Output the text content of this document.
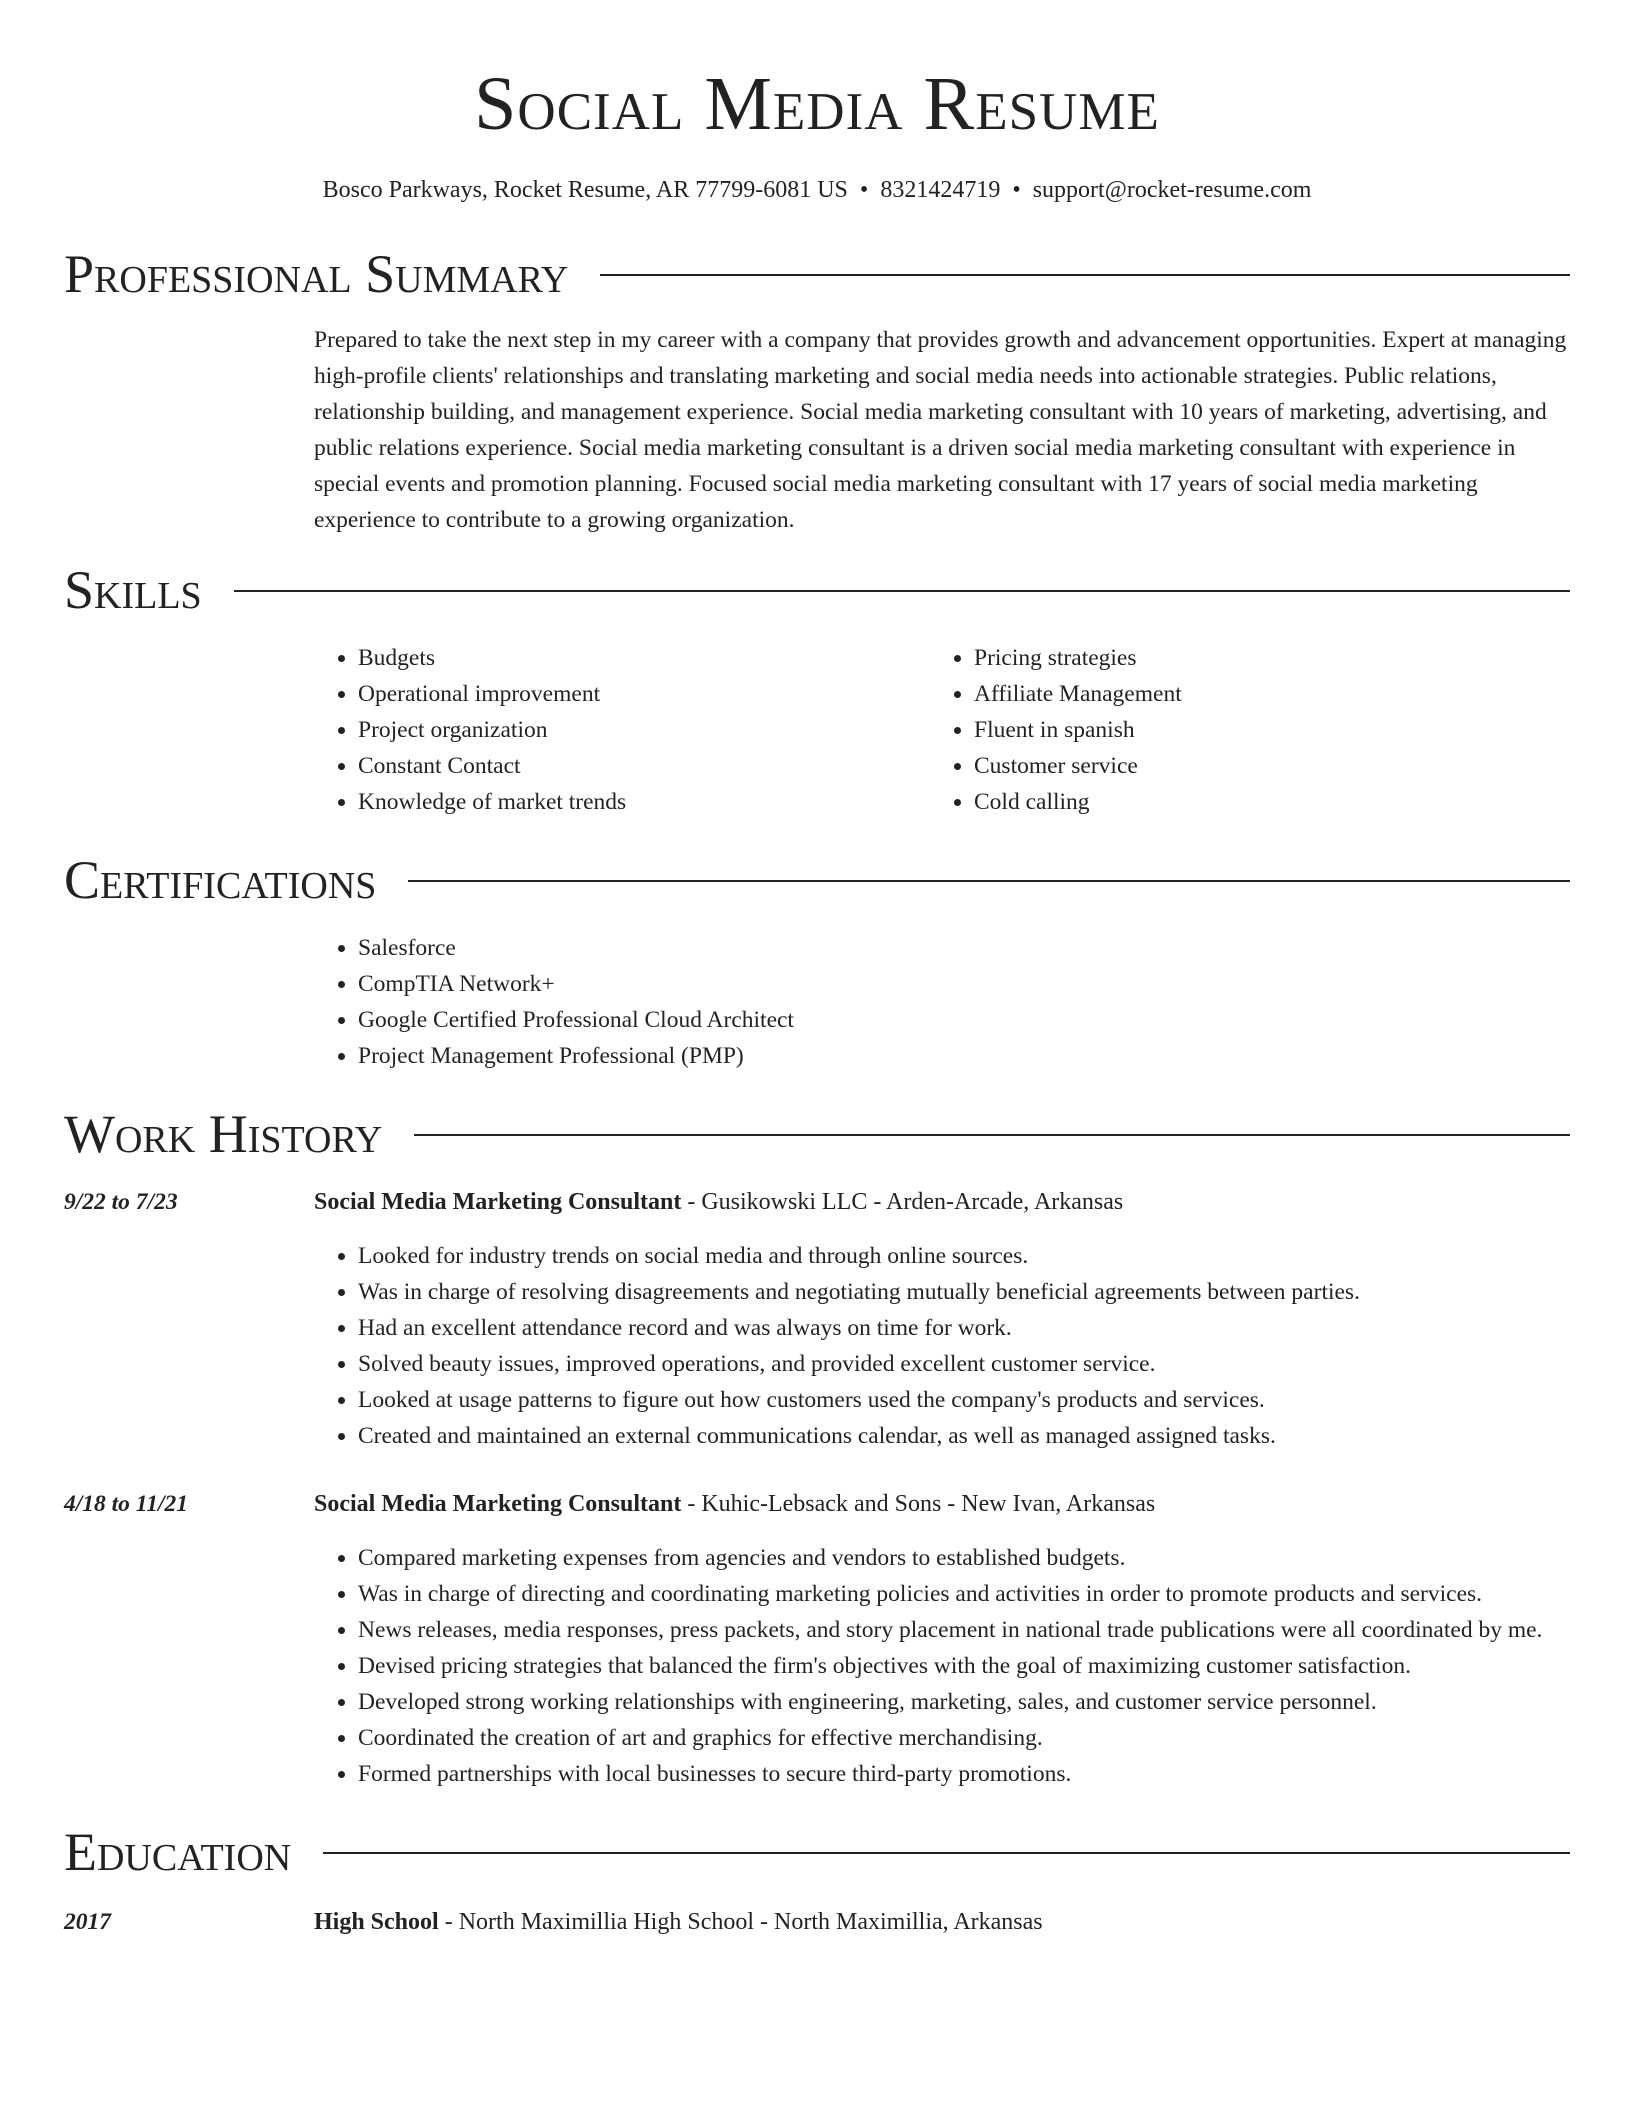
Social Media Resume
Bosco Parkways, Rocket Resume, AR 77799-6081 US • 8321424719 • support@rocket-resume.com
Professional Summary

Prepared to take the next step in my career with a company that provides growth and advancement opportunities. Expert at managing high-profile clients' relationships and translating marketing and social media needs into actionable strategies. Public relations, relationship building, and management experience. Social media marketing consultant with 10 years of marketing, advertising, and public relations experience. Social media marketing consultant is a driven social media marketing consultant with experience in special events and promotion planning. Focused social media marketing consultant with 17 years of social media marketing experience to contribute to a growing organization.

Skills
• Budgets
• Operational improvement
• Project organization
• Constant Contact
• Knowledge of market trends
• Pricing strategies
• Affiliate Management
• Fluent in spanish
• Customer service
• Cold calling
Certifications
• Salesforce
• CompTIA Network+
• Google Certified Professional Cloud Architect
• Project Management Professional (PMP)
Work History
9/22 to 7/23	Social Media Marketing Consultant - Gusikowski LLC - Arden-Arcade, Arkansas
• Looked for industry trends on social media and through online sources.
• Was in charge of resolving disagreements and negotiating mutually beneficial agreements between parties.
• Had an excellent attendance record and was always on time for work.
• Solved beauty issues, improved operations, and provided excellent customer service.
• Looked at usage patterns to figure out how customers used the company's products and services.
• Created and maintained an external communications calendar, as well as managed assigned tasks.
4/18 to 11/21	Social Media Marketing Consultant - Kuhic-Lebsack and Sons - New Ivan, Arkansas
• Compared marketing expenses from agencies and vendors to established budgets.
• Was in charge of directing and coordinating marketing policies and activities in order to promote products and services.
• News releases, media responses, press packets, and story placement in national trade publications were all coordinated by me.
• Devised pricing strategies that balanced the firm's objectives with the goal of maximizing customer satisfaction.
• Developed strong working relationships with engineering, marketing, sales, and customer service personnel.
• Coordinated the creation of art and graphics for effective merchandising.
• Formed partnerships with local businesses to secure third-party promotions.
Education
2017	High School - North Maximillia High School - North Maximillia, Arkansas
